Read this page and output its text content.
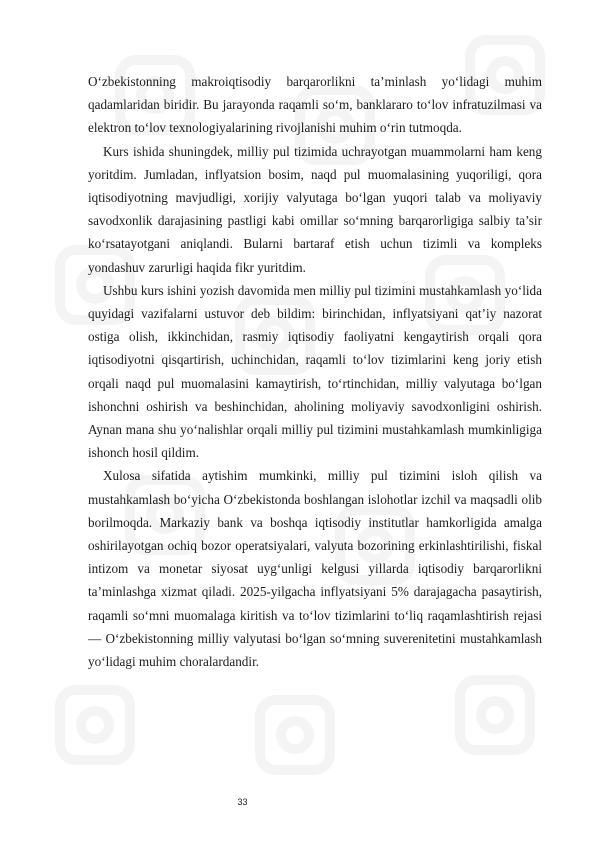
O‘zbekistonning makroiqtisodiy barqarorlikni ta’minlash yo‘lidagi muhim qadamlaridan biridir. Bu jarayonda raqamli so‘m, banklararo to‘lov infratuzilmasi va elektron to‘lov texnologiyalarining rivojlanishi muhim o‘rin tutmoqda.

Kurs ishida shuningdek, milliy pul tizimida uchrayotgan muammolarni ham keng yoritdim. Jumladan, inflyatsion bosim, naqd pul muomalasining yuqoriligi, qora iqtisodiyotning mavjudligi, xorijiy valyutaga bo‘lgan yuqori talab va moliyaviy savodxonlik darajasining pastligi kabi omillar so‘mning barqarorligiga salbiy ta’sir ko‘rsatayotgani aniqlandi. Bularni bartaraf etish uchun tizimli va kompleks yondashuv zarurligi haqida fikr yuritdim.

Ushbu kurs ishini yozish davomida men milliy pul tizimini mustahkamlash yo‘lida quyidagi vazifalarni ustuvor deb bildim: birinchidan, inflyatsiyani qat’iy nazorat ostiga olish, ikkinchidan, rasmiy iqtisodiy faoliyatni kengaytirish orqali qora iqtisodiyotni qisqartirish, uchinchidan, raqamli to‘lov tizimlarini keng joriy etish orqali naqd pul muomalasini kamaytirish, to‘rtinchidan, milliy valyutaga bo‘lgan ishonchni oshirish va beshinchidan, aholining moliyaviy savodxonligini oshirish. Aynan mana shu yo‘nalishlar orqali milliy pul tizimini mustahkamlash mumkinligiga ishonch hosil qildim.

Xulosa sifatida aytishim mumkinki, milliy pul tizimini isloh qilish va mustahkamlash bo‘yicha O‘zbekistonda boshlangan islohotlar izchil va maqsadli olib borilmoqda. Markaziy bank va boshqa iqtisodiy institutlar hamkorligida amalga oshirilayotgan ochiq bozor operatsiyalari, valyuta bozorining erkinlashtirilishi, fiskal intizom va monetar siyosat uyg‘unligi kelgusi yillarda iqtisodiy barqarorlikni ta’minlashga xizmat qiladi. 2025-yilgacha inflyatsiyani 5% darajagacha pasaytirish, raqamli so‘mni muomalaga kiritish va to‘lov tizimlarini to‘liq raqamlashtirish rejasi — O‘zbekistonning milliy valyutasi bo‘lgan so‘mning suverenitetini mustahkamlash yo‘lidagi muhim choralardandir.

33
